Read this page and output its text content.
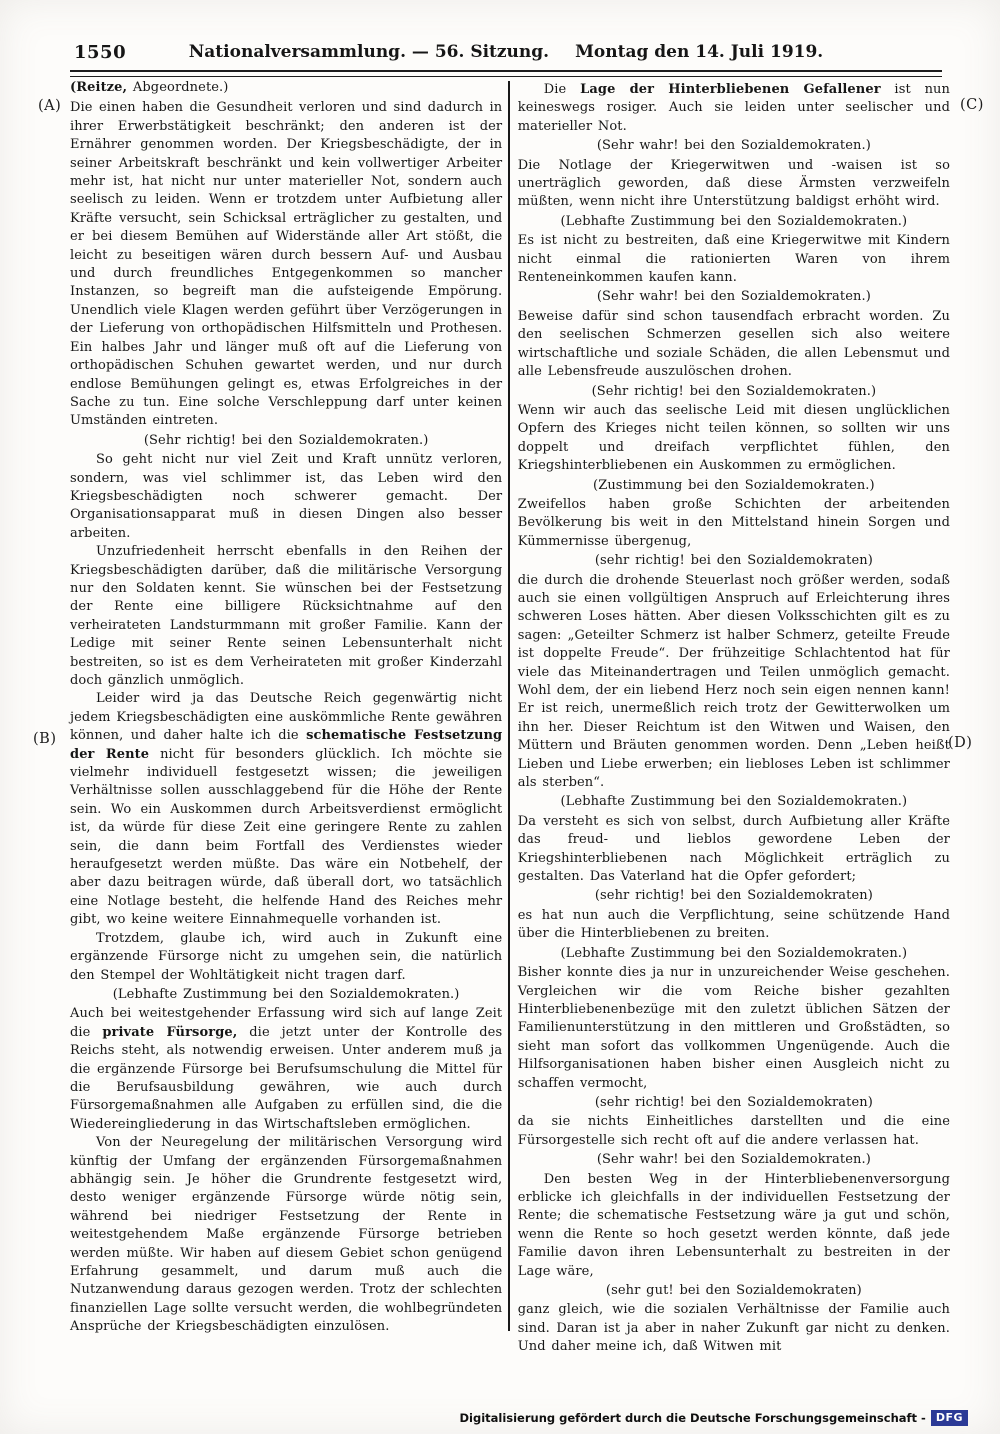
1550	Nationalversammlung. — 56. Sitzung. Montag den 14. Juli 1919.
(A)
(B)
(C)
(D)

(Reitze, Abgeordnete.)

Die einen haben die Gesundheit verloren und sind dadurch in ihrer Erwerbstätigkeit beschränkt; den anderen ist der Ernährer genommen worden. Der Kriegsbeschädigte, der in seiner Arbeitskraft beschränkt und kein vollwertiger Arbeiter mehr ist, hat nicht nur unter materieller Not, sondern auch seelisch zu leiden. Wenn er trotzdem unter Aufbietung aller Kräfte versucht, sein Schicksal erträglicher zu gestalten, und er bei diesem Bemühen auf Widerstände aller Art stößt, die leicht zu beseitigen wären durch bessern Auf- und Ausbau und durch freundliches Entgegenkommen so mancher Instanzen, so begreift man die aufsteigende Empörung. Unendlich viele Klagen werden geführt über Verzögerungen in der Lieferung von orthopädischen Hilfsmitteln und Prothesen. Ein halbes Jahr und länger muß oft auf die Lieferung von orthopädischen Schuhen gewartet werden, und nur durch endlose Bemühungen gelingt es, etwas Erfolgreiches in der Sache zu tun. Eine solche Verschleppung darf unter keinen Umständen eintreten.

(Sehr richtig! bei den Sozialdemokraten.)

So geht nicht nur viel Zeit und Kraft unnütz verloren, sondern, was viel schlimmer ist, das Leben wird den Kriegsbeschädigten noch schwerer gemacht. Der Organisationsapparat muß in diesen Dingen also besser arbeiten.

Unzufriedenheit herrscht ebenfalls in den Reihen der Kriegsbeschädigten darüber, daß die militärische Versorgung nur den Soldaten kennt. Sie wünschen bei der Festsetzung der Rente eine billigere Rücksichtnahme auf den verheirateten Landsturmmann mit großer Familie. Kann der Ledige mit seiner Rente seinen Lebensunterhalt nicht bestreiten, so ist es dem Verheirateten mit großer Kinderzahl doch gänzlich unmöglich.

Leider wird ja das Deutsche Reich gegenwärtig nicht jedem Kriegsbeschädigten eine auskömmliche Rente gewähren können, und daher halte ich die schematische Festsetzung der Rente nicht für besonders glücklich. Ich möchte sie vielmehr individuell festgesetzt wissen; die jeweiligen Verhältnisse sollen ausschlaggebend für die Höhe der Rente sein. Wo ein Auskommen durch Arbeitsverdienst ermöglicht ist, da würde für diese Zeit eine geringere Rente zu zahlen sein, die dann beim Fortfall des Verdienstes wieder heraufgesetzt werden müßte. Das wäre ein Notbehelf, der aber dazu beitragen würde, daß überall dort, wo tatsächlich eine Notlage besteht, die helfende Hand des Reiches mehr gibt, wo keine weitere Einnahmequelle vorhanden ist.

Trotzdem, glaube ich, wird auch in Zukunft eine ergänzende Fürsorge nicht zu umgehen sein, die natürlich den Stempel der Wohltätigkeit nicht tragen darf.

(Lebhafte Zustimmung bei den Sozialdemokraten.)

Auch bei weitestgehender Erfassung wird sich auf lange Zeit die private Fürsorge, die jetzt unter der Kontrolle des Reichs steht, als notwendig erweisen. Unter anderem muß ja die ergänzende Fürsorge bei Berufsumschulung die Mittel für die Berufsausbildung gewähren, wie auch durch Fürsorgemaßnahmen alle Aufgaben zu erfüllen sind, die die Wiedereingliederung in das Wirtschaftsleben ermöglichen.

Von der Neuregelung der militärischen Versorgung wird künftig der Umfang der ergänzenden Fürsorgemaßnahmen abhängig sein. Je höher die Grundrente festgesetzt wird, desto weniger ergänzende Fürsorge würde nötig sein, während bei niedriger Festsetzung der Rente in weitestgehendem Maße ergänzende Fürsorge betrieben werden müßte. Wir haben auf diesem Gebiet schon genügend Erfahrung gesammelt, und darum muß auch die Nutzanwendung daraus gezogen werden. Trotz der schlechten finanziellen Lage sollte versucht werden, die wohlbegründeten Ansprüche der Kriegsbeschädigten einzulösen.

Die Lage der Hinterbliebenen Gefallener ist nun keineswegs rosiger. Auch sie leiden unter seelischer und materieller Not.

(Sehr wahr! bei den Sozialdemokraten.)

Die Notlage der Kriegerwitwen und -waisen ist so unerträglich geworden, daß diese Ärmsten verzweifeln müßten, wenn nicht ihre Unterstützung baldigst erhöht wird.

(Lebhafte Zustimmung bei den Sozialdemokraten.)

Es ist nicht zu bestreiten, daß eine Kriegerwitwe mit Kindern nicht einmal die rationierten Waren von ihrem Renteneinkommen kaufen kann.

(Sehr wahr! bei den Sozialdemokraten.)

Beweise dafür sind schon tausendfach erbracht worden. Zu den seelischen Schmerzen gesellen sich also weitere wirtschaftliche und soziale Schäden, die allen Lebensmut und alle Lebensfreude auszulöschen drohen.

(Sehr richtig! bei den Sozialdemokraten.)

Wenn wir auch das seelische Leid mit diesen unglücklichen Opfern des Krieges nicht teilen können, so sollten wir uns doppelt und dreifach verpflichtet fühlen, den Kriegshinterbliebenen ein Auskommen zu ermöglichen.

(Zustimmung bei den Sozialdemokraten.)

Zweifellos haben große Schichten der arbeitenden Bevölkerung bis weit in den Mittelstand hinein Sorgen und Kümmernisse übergenug,

(sehr richtig! bei den Sozialdemokraten)

die durch die drohende Steuerlast noch größer werden, sodaß auch sie einen vollgültigen Anspruch auf Erleichterung ihres schweren Loses hätten. Aber diesen Volksschichten gilt es zu sagen: „Geteilter Schmerz ist halber Schmerz, geteilte Freude ist doppelte Freude“. Der frühzeitige Schlachtentod hat für viele das Miteinandertragen und Teilen unmöglich gemacht. Wohl dem, der ein liebend Herz noch sein eigen nennen kann! Er ist reich, unermeßlich reich trotz der Gewitterwolken um ihn her. Dieser Reichtum ist den Witwen und Waisen, den Müttern und Bräuten genommen worden. Denn „Leben heißt Lieben und Liebe erwerben; ein liebloses Leben ist schlimmer als sterben“.

(Lebhafte Zustimmung bei den Sozialdemokraten.)

Da versteht es sich von selbst, durch Aufbietung aller Kräfte das freud- und lieblos gewordene Leben der Kriegshinterbliebenen nach Möglichkeit erträglich zu gestalten. Das Vaterland hat die Opfer gefordert;

(sehr richtig! bei den Sozialdemokraten)

es hat nun auch die Verpflichtung, seine schützende Hand über die Hinterbliebenen zu breiten.

(Lebhafte Zustimmung bei den Sozialdemokraten.)

Bisher konnte dies ja nur in unzureichender Weise geschehen. Vergleichen wir die vom Reiche bisher gezahlten Hinterbliebenenbezüge mit den zuletzt üblichen Sätzen der Familienunterstützung in den mittleren und Großstädten, so sieht man sofort das vollkommen Ungenügende. Auch die Hilfsorganisationen haben bisher einen Ausgleich nicht zu schaffen vermocht,

(sehr richtig! bei den Sozialdemokraten)

da sie nichts Einheitliches darstellten und die eine Fürsorgestelle sich recht oft auf die andere verlassen hat.

(Sehr wahr! bei den Sozialdemokraten.)

Den besten Weg in der Hinterbliebenenversorgung erblicke ich gleichfalls in der individuellen Festsetzung der Rente; die schematische Festsetzung wäre ja gut und schön, wenn die Rente so hoch gesetzt werden könnte, daß jede Familie davon ihren Lebensunterhalt zu bestreiten in der Lage wäre,

(sehr gut! bei den Sozialdemokraten)

ganz gleich, wie die sozialen Verhältnisse der Familie auch sind. Daran ist ja aber in naher Zukunft gar nicht zu denken. Und daher meine ich, daß Witwen mit

Digitalisierung gefördert durch die Deutsche Forschungsgemeinschaft - DFG
